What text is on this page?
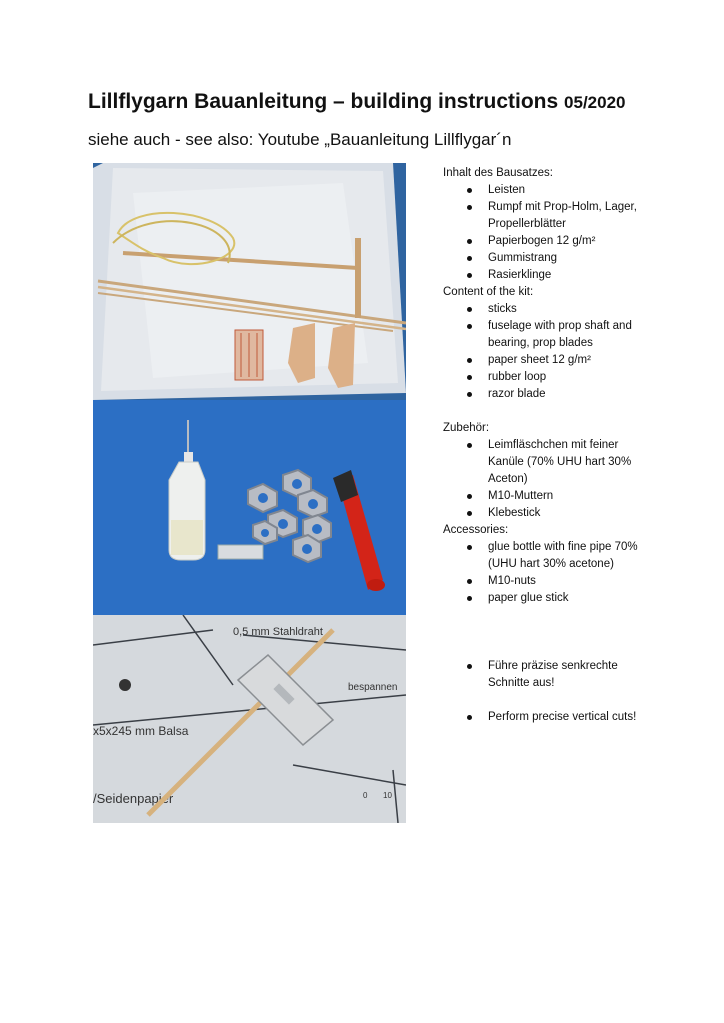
Lillflygarn Bauanleitung – building instructions 05/2020
siehe auch - see also: Youtube „Bauanleitung Lillflygar´n
0,5 mm Stahldraht
x5x245 mm Balsa
/Seidenpapier
bespannen
0 10
Inhalt des Bausatzes:
Leisten
Rumpf mit Prop-Holm, Lager, Propellerblätter
Papierbogen 12 g/m²
Gummistrang
Rasierklinge
Content of the kit:
sticks
fuselage with prop shaft and bearing, prop blades
paper sheet 12 g/m²
rubber loop
razor blade
Zubehör:
Leimfläschchen mit feiner Kanüle (70% UHU hart 30% Aceton)
M10-Muttern
Klebestick
Accessories:
glue bottle with fine pipe 70% (UHU hart 30% acetone)
M10-nuts
paper glue stick
Führe präzise senkrechte Schnitte aus!
Perform precise vertical cuts!
